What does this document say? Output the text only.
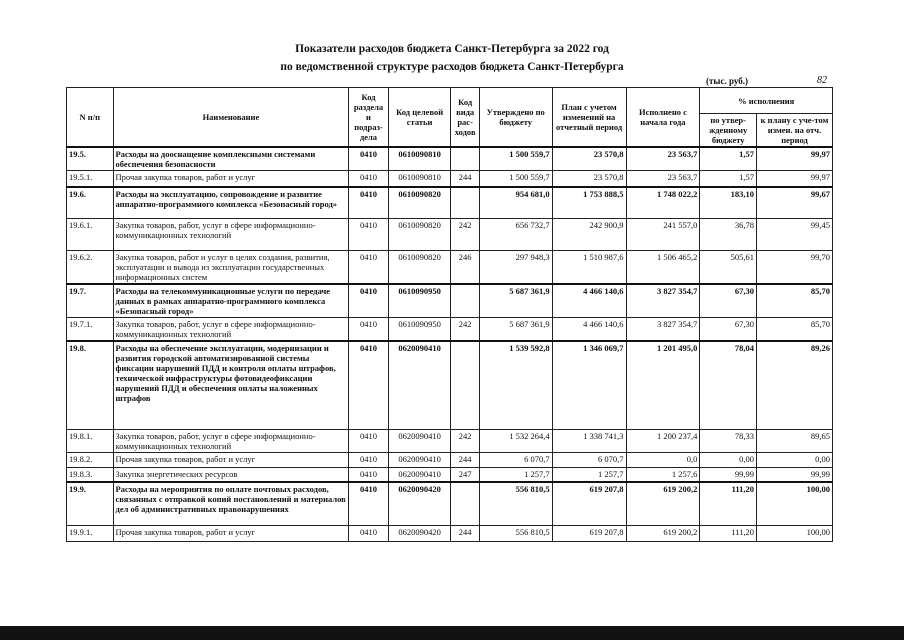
Показатели расходов бюджета Санкт-Петербурга за 2022 год
по ведомственной структуре расходов бюджета Санкт-Петербурга
(тыс. руб.)	82
N п/п	Наименование	Код раздела и подраз-дела	Код целевой статьи	Код вида рас-ходов	Утверждено по бюджету	План с учетом изменений на отчетный период	Исполнено с начала года	% исполнения	
								по утвер-жденному бюджету	к плану с уче-том измен. на отч. период
19.5.	Расходы на дооснащение комплексными системами обеспечения безопасности	0410	0610090810		1 500 559,7	23 570,8	23 563,7	1,57	99,97
19.5.1.	Прочая закупка товаров, работ и услуг	0410	0610090810	244	1 500 559,7	23 570,8	23 563,7	1,57	99,97
19.6.	Расходы на эксплуатацию, сопровождение и развитие аппаратно-программного комплекса «Безопасный город»	0410	0610090820		954 681,0	1 753 888,5	1 748 022,2	183,10	99,67
19.6.1.	Закупка товаров, работ, услуг в сфере информационно-коммуникационных технологий	0410	0610090820	242	656 732,7	242 900,9	241 557,0	36,78	99,45
19.6.2.	Закупка товаров, работ и услуг в целях создания, развития, эксплуатации и вывода из эксплуатации государственных информационных систем	0410	0610090820	246	297 948,3	1 510 987,6	1 506 465,2	505,61	99,70
19.7.	Расходы на телекоммуникационные услуги по передаче данных в рамках аппаратно-программного комплекса «Безопасный город»	0410	0610090950		5 687 361,9	4 466 140,6	3 827 354,7	67,30	85,70
19.7.1.	Закупка товаров, работ, услуг в сфере информационно-коммуникационных технологий	0410	0610090950	242	5 687 361,9	4 466 140,6	3 827 354,7	67,30	85,70
19.8.	Расходы на обеспечение эксплуатации, модернизации и развития городской автоматизированной системы фиксации нарушений ПДД и контроля оплаты штрафов, технической инфраструктуры фотовидеофиксации нарушений ПДД и обеспечения оплаты наложенных штрафов	0410	0620090410		1 539 592,8	1 346 069,7	1 201 495,0	78,04	89,26
19.8.1.	Закупка товаров, работ, услуг в сфере информационно-коммуникационных технологий	0410	0620090410	242	1 532 264,4	1 338 741,3	1 200 237,4	78,33	89,65
19.8.2.	Прочая закупка товаров, работ и услуг	0410	0620090410	244	6 070,7	6 070,7	0,0	0,00	0,00
19.8.3.	Закупка энергетических ресурсов	0410	0620090410	247	1 257,7	1 257,7	1 257,6	99,99	99,99
19.9.	Расходы на мероприятия по оплате почтовых расходов, связанных с отправкой копий постановлений и материалов дел об административных правонарушениях	0410	0620090420		556 810,5	619 207,8	619 200,2	111,20	100,00
19.9.1.	Прочая закупка товаров, работ и услуг	0410	0620090420	244	556 810,5	619 207,8	619 200,2	111,20	100,00
